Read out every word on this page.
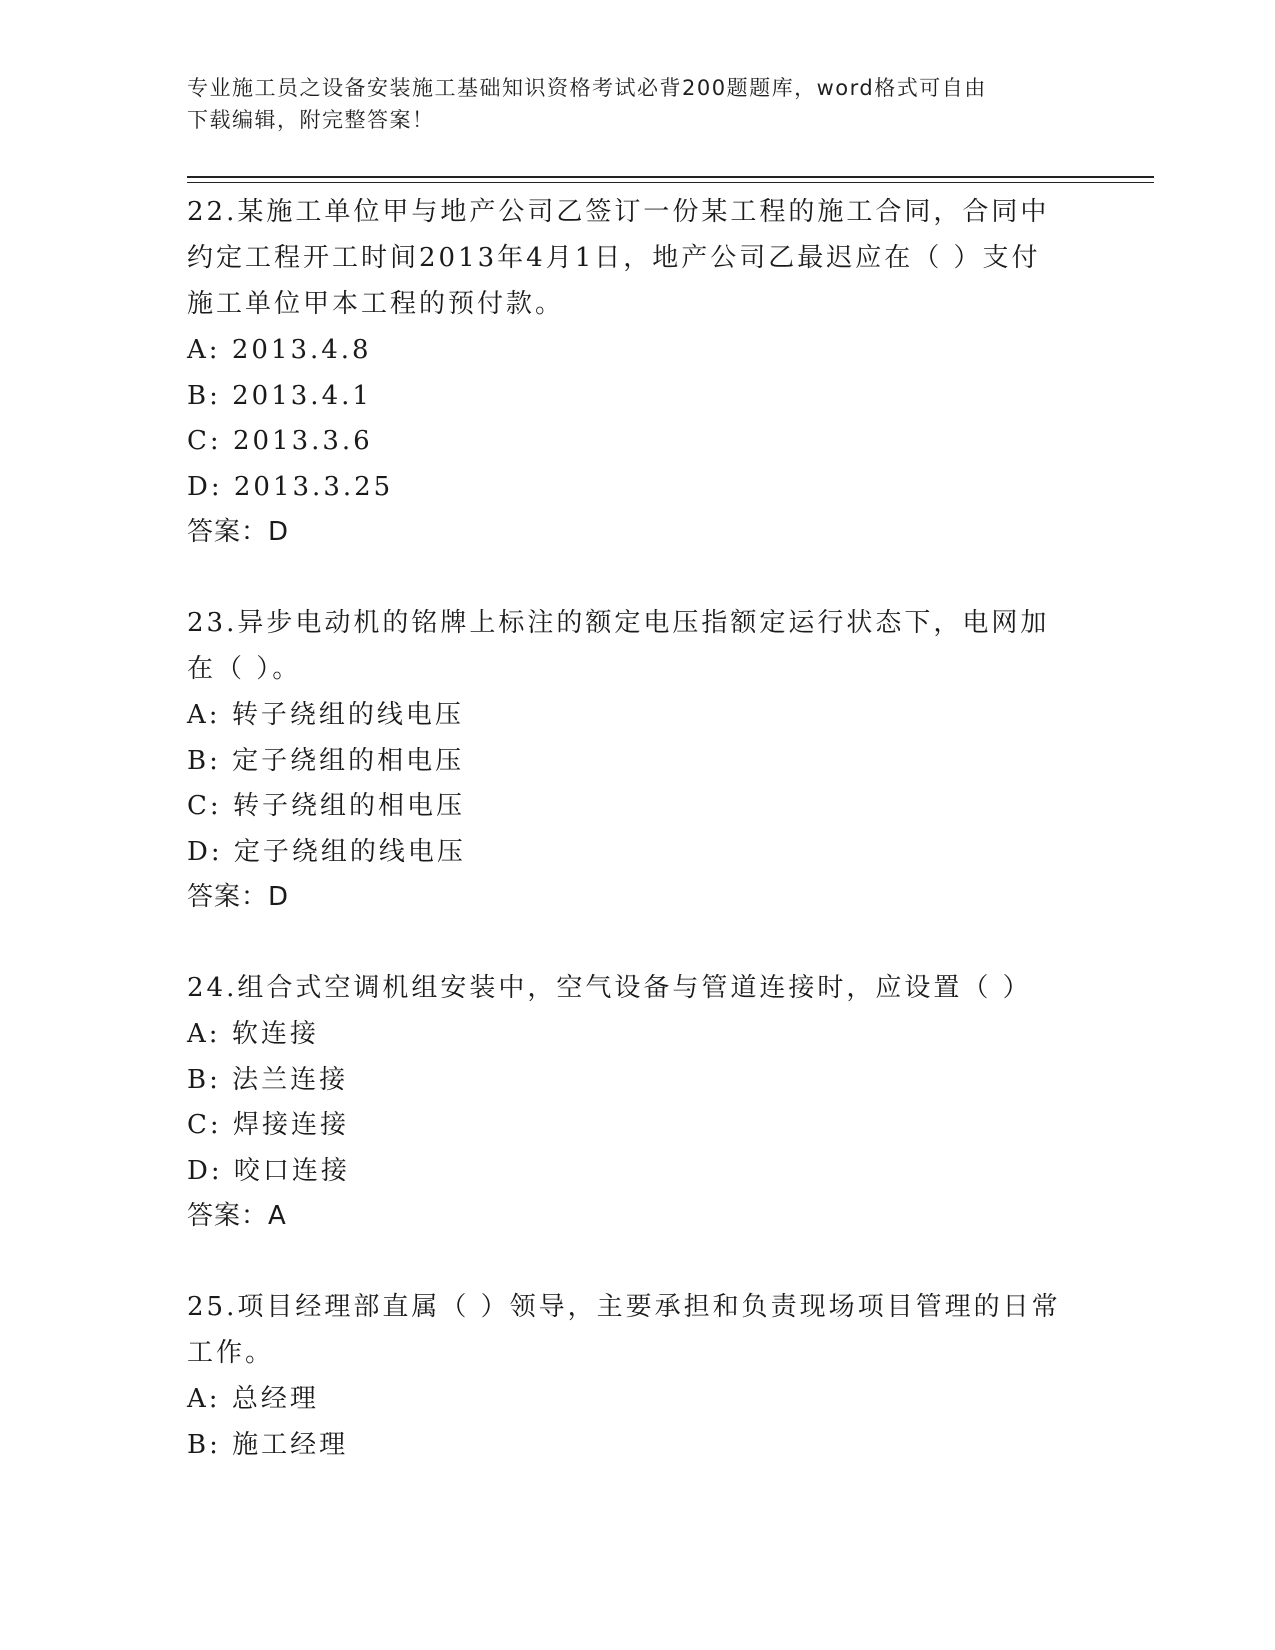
专业施工员之设备安装施工基础知识资格考试必背200题题库，word格式可自由
下载编辑，附完整答案！

22.某施工单位甲与地产公司乙签订一份某工程的施工合同，合同中约定工程开工时间2013年4月1日，地产公司乙最迟应在（ ）支付施工单位甲本工程的预付款。

A: 2013.4.8

B: 2013.4.1

C: 2013.3.6

D: 2013.3.25

答案：D

23.异步电动机的铭牌上标注的额定电压指额定运行状态下，电网加在（ ）。

A: 转子绕组的线电压

B: 定子绕组的相电压

C: 转子绕组的相电压

D: 定子绕组的线电压

答案：D

24.组合式空调机组安装中，空气设备与管道连接时，应设置（ ）

A: 软连接

B: 法兰连接

C: 焊接连接

D: 咬口连接

答案：A

25.项目经理部直属（ ）领导，主要承担和负责现场项目管理的日常工作。

A: 总经理

B: 施工经理
